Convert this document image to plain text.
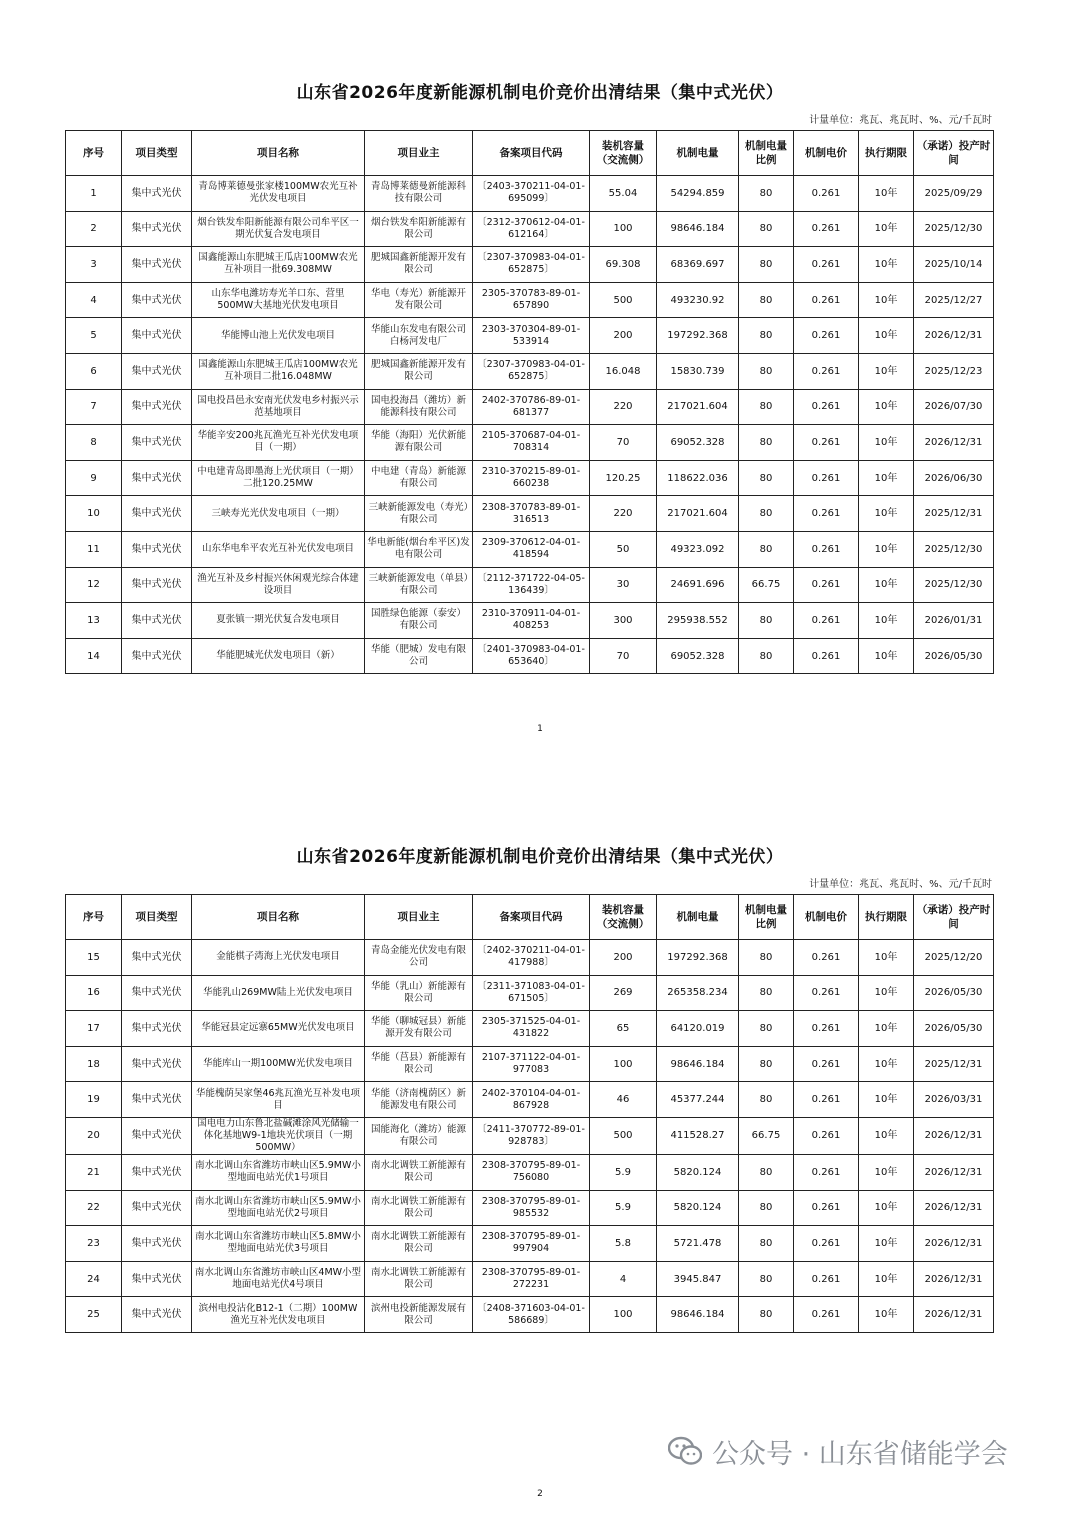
山东省2026年度新能源机制电价竞价出清结果（集中式光伏）
计量单位：兆瓦、兆瓦时、%、元/千瓦时
序号	项目类型	项目名称	项目业主	备案项目代码	装机容量（交流侧）	机制电量	机制电量比例	机制电价	执行期限	（承诺）投产时间
1	集中式光伏	青岛博莱德曼张家楼100MW农光互补光伏发电项目	青岛博莱德曼新能源科技有限公司	〔2403-370211-04-01-695099〕	55.04	54294.859	80	0.261	10年	2025/09/29
2	集中式光伏	烟台铁发牟阳新能源有限公司牟平区一期光伏复合发电项目	烟台铁发牟阳新能源有限公司	〔2312-370612-04-01-612164〕	100	98646.184	80	0.261	10年	2025/12/30
3	集中式光伏	国鑫能源山东肥城王瓜店100MW农光互补项目一批69.308MW	肥城国鑫新能源开发有限公司	〔2307-370983-04-01-652875〕	69.308	68369.697	80	0.261	10年	2025/10/14
4	集中式光伏	山东华电潍坊寿光羊口东、营里500MW大基地光伏发电项目	华电（寿光）新能源开发有限公司	2305-370783-89-01-657890	500	493230.92	80	0.261	10年	2025/12/27
5	集中式光伏	华能博山池上光伏发电项目	华能山东发电有限公司白杨河发电厂	2303-370304-89-01-533914	200	197292.368	80	0.261	10年	2026/12/31
6	集中式光伏	国鑫能源山东肥城王瓜店100MW农光互补项目二批16.048MW	肥城国鑫新能源开发有限公司	〔2307-370983-04-01-652875〕	16.048	15830.739	80	0.261	10年	2025/12/23
7	集中式光伏	国电投昌邑永安南光伏发电乡村振兴示范基地项目	国电投海昌（潍坊）新能源科技有限公司	2402-370786-89-01-681377	220	217021.604	80	0.261	10年	2026/07/30
8	集中式光伏	华能辛安200兆瓦渔光互补光伏发电项目（一期）	华能（海阳）光伏新能源有限公司	2105-370687-04-01-708314	70	69052.328	80	0.261	10年	2026/12/31
9	集中式光伏	中电建青岛即墨海上光伏项目（一期）二批120.25MW	中电建（青岛）新能源有限公司	2310-370215-89-01-660238	120.25	118622.036	80	0.261	10年	2026/06/30
10	集中式光伏	三峡寿光光伏发电项目（一期）	三峡新能源发电（寿光）有限公司	2308-370783-89-01-316513	220	217021.604	80	0.261	10年	2025/12/31
11	集中式光伏	山东华电牟平农光互补光伏发电项目	华电新能(烟台牟平区)发电有限公司	2309-370612-04-01-418594	50	49323.092	80	0.261	10年	2025/12/30
12	集中式光伏	渔光互补及乡村振兴休闲观光综合体建设项目	三峡新能源发电（单县）有限公司	〔2112-371722-04-05-136439〕	30	24691.696	66.75	0.261	10年	2025/12/30
13	集中式光伏	夏张镇一期光伏复合发电项目	国胜绿色能源（泰安）有限公司	2310-370911-04-01-408253	300	295938.552	80	0.261	10年	2026/01/31
14	集中式光伏	华能肥城光伏发电项目（新）	华能（肥城）发电有限公司	〔2401-370983-04-01-653640〕	70	69052.328	80	0.261	10年	2026/05/30
1
山东省2026年度新能源机制电价竞价出清结果（集中式光伏）
计量单位：兆瓦、兆瓦时、%、元/千瓦时
序号	项目类型	项目名称	项目业主	备案项目代码	装机容量（交流侧）	机制电量	机制电量比例	机制电价	执行期限	（承诺）投产时间
15	集中式光伏	金能棋子湾海上光伏发电项目	青岛金能光伏发电有限公司	〔2402-370211-04-01-417988〕	200	197292.368	80	0.261	10年	2025/12/20
16	集中式光伏	华能乳山269MW陆上光伏发电项目	华能（乳山）新能源有限公司	〔2311-371083-04-01-671505〕	269	265358.234	80	0.261	10年	2026/05/30
17	集中式光伏	华能冠县定远寨65MW光伏发电项目	华能（聊城冠县）新能源开发有限公司	2305-371525-04-01-431822	65	64120.019	80	0.261	10年	2026/05/30
18	集中式光伏	华能库山一期100MW光伏发电项目	华能（莒县）新能源有限公司	2107-371122-04-01-977083	100	98646.184	80	0.261	10年	2025/12/31
19	集中式光伏	华能槐荫吴家堡46兆瓦渔光互补发电项目	华能（济南槐荫区）新能源发电有限公司	2402-370104-04-01-867928	46	45377.244	80	0.261	10年	2026/03/31
20	集中式光伏	国电电力山东鲁北盐碱滩涂风光储输一体化基地W9-1地块光伏项目（一期500MW）	国能海化（潍坊）能源有限公司	〔2411-370772-89-01-928783〕	500	411528.27	66.75	0.261	10年	2026/12/31
21	集中式光伏	南水北调山东省潍坊市峡山区5.9MW小型地面电站光伏1号项目	南水北调铁工新能源有限公司	2308-370795-89-01-756080	5.9	5820.124	80	0.261	10年	2026/12/31
22	集中式光伏	南水北调山东省潍坊市峡山区5.9MW小型地面电站光伏2号项目	南水北调铁工新能源有限公司	2308-370795-89-01-985532	5.9	5820.124	80	0.261	10年	2026/12/31
23	集中式光伏	南水北调山东省潍坊市峡山区5.8MW小型地面电站光伏3号项目	南水北调铁工新能源有限公司	2308-370795-89-01-997904	5.8	5721.478	80	0.261	10年	2026/12/31
24	集中式光伏	南水北调山东省潍坊市峡山区4MW小型地面电站光伏4号项目	南水北调铁工新能源有限公司	2308-370795-89-01-272231	4	3945.847	80	0.261	10年	2026/12/31
25	集中式光伏	滨州电投沾化B12-1（二期）100MW渔光互补光伏发电项目	滨州电投新能源发展有限公司	〔2408-371603-04-01-586689〕	100	98646.184	80	0.261	10年	2026/12/31
2
公众号 · 山东省储能学会
